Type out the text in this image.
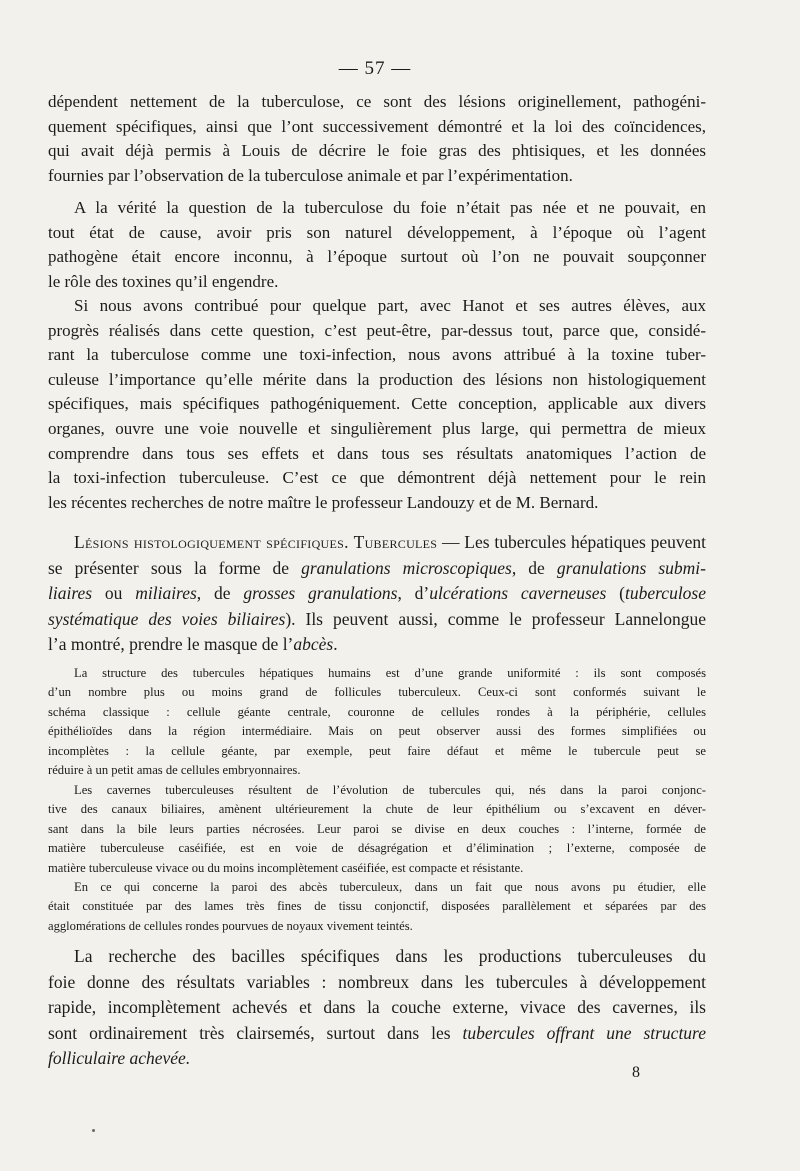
— 57 —
dépendent nettement de la tuberculose, ce sont des lésions originellement, pathogéni-
quement spécifiques, ainsi que l’ont successivement démontré et la loi des coïncidences,
qui avait déjà permis à Louis de décrire le foie gras des phtisiques, et les données
fournies par l’observation de la tuberculose animale et par l’expérimentation.
A la vérité la question de la tuberculose du foie n’était pas née et ne pouvait, en
tout état de cause, avoir pris son naturel développement, à l’époque où l’agent
pathogène était encore inconnu, à l’époque surtout où l’on ne pouvait soupçonner
le rôle des toxines qu’il engendre.
Si nous avons contribué pour quelque part, avec Hanot et ses autres élèves, aux
progrès réalisés dans cette question, c’est peut-être, par-dessus tout, parce que, considé-
rant la tuberculose comme une toxi-infection, nous avons attribué à la toxine tuber-
culeuse l’importance qu’elle mérite dans la production des lésions non histologiquement
spécifiques, mais spécifiques pathogéniquement. Cette conception, applicable aux divers
organes, ouvre une voie nouvelle et singulièrement plus large, qui permettra de mieux
comprendre dans tous ses effets et dans tous ses résultats anatomiques l’action de
la toxi-infection tuberculeuse. C’est ce que démontrent déjà nettement pour le rein
les récentes recherches de notre maître le professeur Landouzy et de M. Bernard.
Lésions histologiquement spécifiques. Tubercules — Les tubercules hépatiques peuvent
se présenter sous la forme de granulations microscopiques, de granulations submi-
liaires ou miliaires, de grosses granulations, d’ulcérations caverneuses (tuberculose
systématique des voies biliaires). Ils peuvent aussi, comme le professeur Lannelongue
l’a montré, prendre le masque de l’abcès.
La structure des tubercules hépatiques humains est d’une grande uniformité : ils sont composés
d’un nombre plus ou moins grand de follicules tuberculeux. Ceux-ci sont conformés suivant le
schéma classique : cellule géante centrale, couronne de cellules rondes à la périphérie, cellules
épithélioïdes dans la région intermédiaire. Mais on peut observer aussi des formes simplifiées ou
incomplètes : la cellule géante, par exemple, peut faire défaut et même le tubercule peut se
réduire à un petit amas de cellules embryonnaires.
Les cavernes tuberculeuses résultent de l’évolution de tubercules qui, nés dans la paroi conjonc-
tive des canaux biliaires, amènent ultérieurement la chute de leur épithélium ou s’excavent en déver-
sant dans la bile leurs parties nécrosées. Leur paroi se divise en deux couches : l’interne, formée de
matière tuberculeuse caséifiée, est en voie de désagrégation et d’élimination ; l’externe, composée de
matière tuberculeuse vivace ou du moins incomplètement caséifiée, est compacte et résistante.
En ce qui concerne la paroi des abcès tuberculeux, dans un fait que nous avons pu étudier, elle
était constituée par des lames très fines de tissu conjonctif, disposées parallèlement et séparées par des
agglomérations de cellules rondes pourvues de noyaux vivement teintés.
La recherche des bacilles spécifiques dans les productions tuberculeuses du
foie donne des résultats variables : nombreux dans les tubercules à développement
rapide, incomplètement achevés et dans la couche externe, vivace des cavernes, ils
sont ordinairement très clairsemés, surtout dans les tubercules offrant une structure
folliculaire achevée.
8
